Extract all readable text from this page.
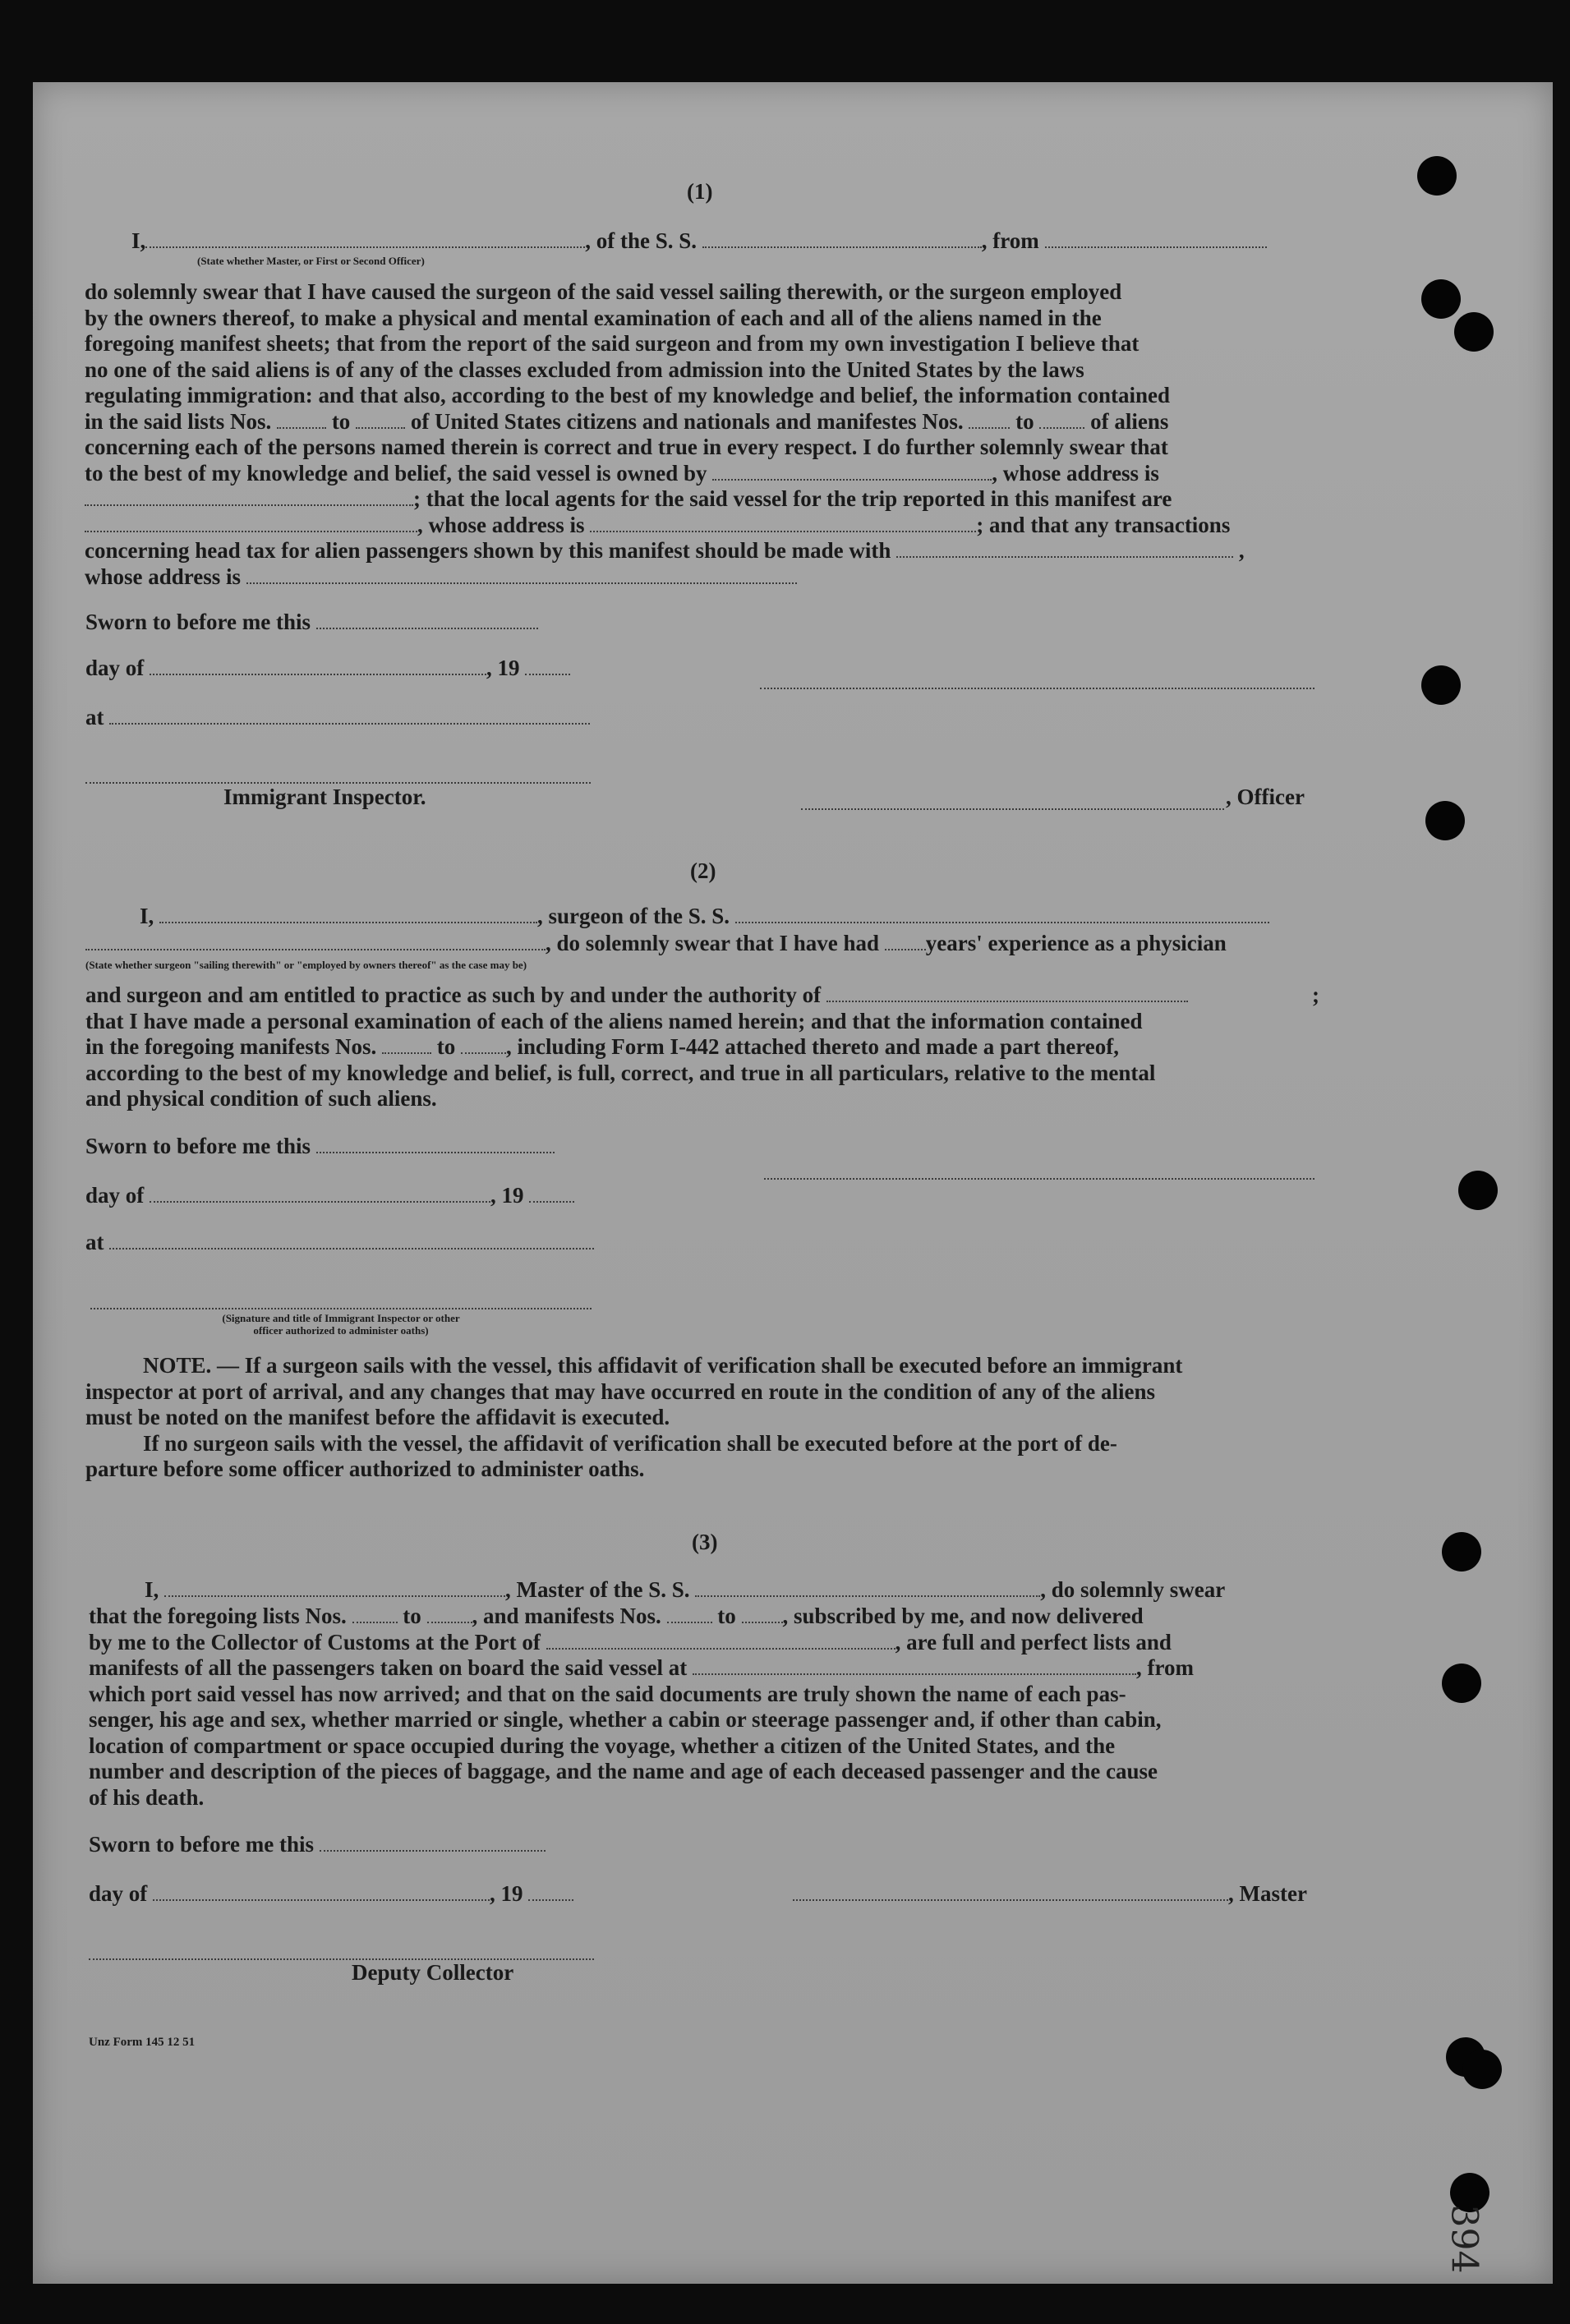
394
(1)
I,	, of the S. S.	, from
(State whether Master, or First or Second Officer)

do solemnly swear that I have caused the surgeon of the said vessel sailing therewith, or the surgeon employed

by the owners thereof, to make a physical and mental examination of each and all of the aliens named in the

foregoing manifest sheets; that from the report of the said surgeon and from my own investigation I believe that

no one of the said aliens is of any of the classes excluded from admission into the United States by the laws

regulating immigration: and that also, according to the best of my knowledge and belief, the information contained

in the said lists Nos.	to	of United States citizens and nationals and manifestes Nos. to	of aliens

concerning each of the persons named therein is correct and true in every respect. I do further solemnly swear that

to the best of my knowledge and belief, the said vessel is owned by	, whose address is

; that the local agents for the said vessel for the trip reported in this manifest are

, whose address is	; and that any transactions

concerning head tax for alien passengers shown by this manifest should be made with	,

whose address is

Sworn to before me this
day of	, 19
at
Immigrant Inspector.	, Officer
(2)
I,	, surgeon of the S. S.
, do solemnly swear that I have had years' experience as a physician
(State whether surgeon "sailing therewith" or "employed by owners thereof" as the case may be)

and surgeon and am entitled to practice as such by and under the authority of	;

that I have made a personal examination of each of the aliens named herein; and that the information contained

in the foregoing manifests Nos.	to , including Form I-442 attached thereto and made a part thereof,

according to the best of my knowledge and belief, is full, correct, and true in all particulars, relative to the mental

and physical condition of such aliens.

Sworn to before me this
day of	, 19
at
(Signature and title of Immigrant Inspector or other
officer authorized to administer oaths)

NOTE. — If a surgeon sails with the vessel, this affidavit of verification shall be executed before an immigrant

inspector at port of arrival, and any changes that may have occurred en route in the condition of any of the aliens

must be noted on the manifest before the affidavit is executed.

If no surgeon sails with the vessel, the affidavit of verification shall be executed before at the port of de-

parture before some officer authorized to administer oaths.

(3)
I,	, Master of the S. S.	, do solemnly swear

that the foregoing lists Nos.	to , and manifests Nos.	to , subscribed by me, and now delivered

by me to the Collector of Customs at the Port of	, are full and perfect lists and

manifests of all the passengers taken on board the said vessel at	, from

which port said vessel has now arrived; and that on the said documents are truly shown the name of each pas-

senger, his age and sex, whether married or single, whether a cabin or steerage passenger and, if other than cabin,

location of compartment or space occupied during the voyage, whether a citizen of the United States, and the

number and description of the pieces of baggage, and the name and age of each deceased passenger and the cause

of his death.

Sworn to before me this
day of	, 19	, Master
Deputy Collector
Unz Form 145 12 51
